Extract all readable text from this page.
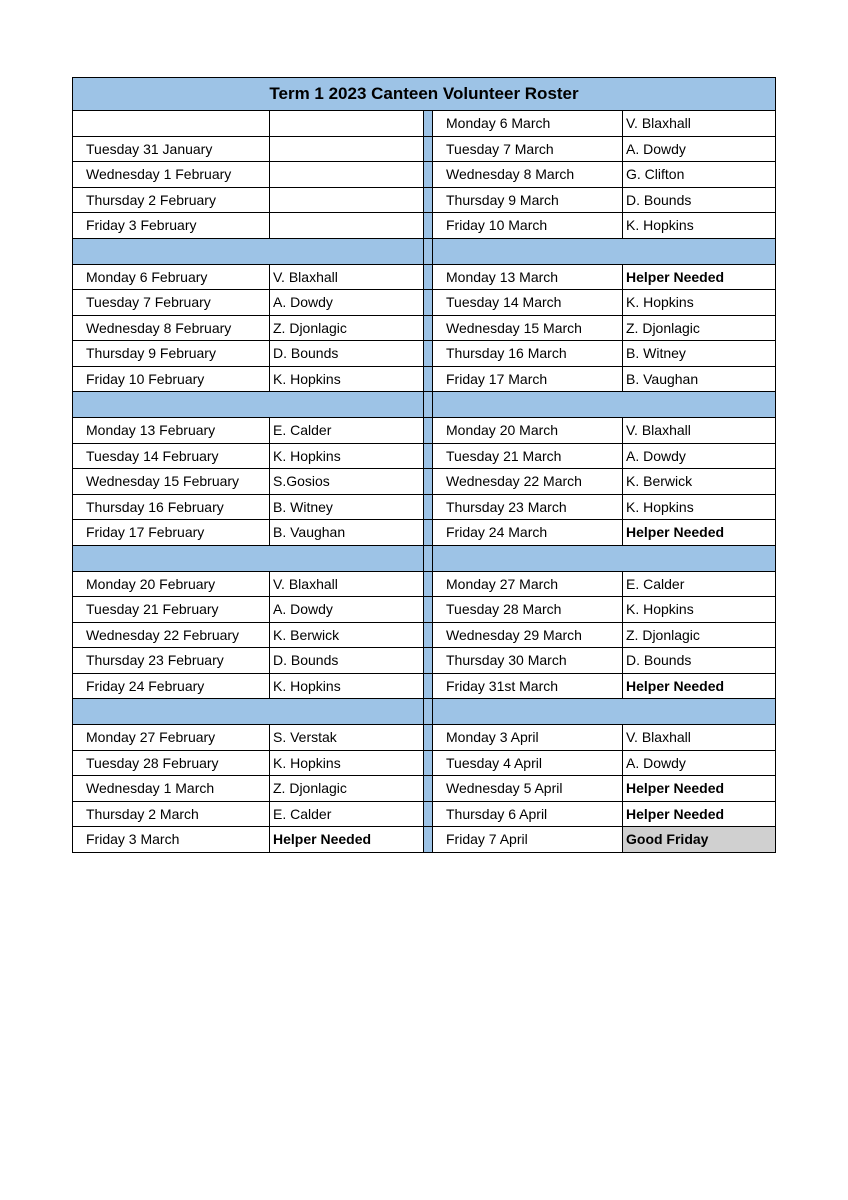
Term 1 2023 Canteen Volunteer Roster				
			Monday 6 March	V. Blaxhall
Tuesday 31 January			Tuesday 7 March	A. Dowdy
Wednesday 1 February			Wednesday 8 March	G. Clifton
Thursday 2 February			Thursday 9 March	D. Bounds
Friday 3 February			Friday 10 March	K. Hopkins

Monday 6 February	V. Blaxhall		Monday 13 March	Helper Needed
Tuesday 7 February	A. Dowdy		Tuesday 14 March	K. Hopkins
Wednesday 8 February	Z. Djonlagic		Wednesday 15 March	Z. Djonlagic
Thursday 9 February	D. Bounds		Thursday 16 March	B. Witney
Friday 10 February	K. Hopkins		Friday 17 March	B. Vaughan

Monday 13 February	E. Calder		Monday 20 March	V. Blaxhall
Tuesday 14 February	K. Hopkins		Tuesday 21 March	A. Dowdy
Wednesday 15 February	S.Gosios		Wednesday 22 March	K. Berwick
Thursday 16 February	B. Witney		Thursday 23 March	K. Hopkins
Friday 17 February	B. Vaughan		Friday 24 March	Helper Needed

Monday 20 February	V. Blaxhall		Monday 27 March	E. Calder
Tuesday 21 February	A. Dowdy		Tuesday 28 March	K. Hopkins
Wednesday 22 February	K. Berwick		Wednesday 29 March	Z. Djonlagic
Thursday 23 February	D. Bounds		Thursday 30 March	D. Bounds
Friday 24 February	K. Hopkins		Friday 31st March	Helper Needed

Monday 27 February	S. Verstak		Monday 3 April	V. Blaxhall
Tuesday 28 February	K. Hopkins		Tuesday 4 April	A. Dowdy
Wednesday 1 March	Z. Djonlagic		Wednesday 5 April	Helper Needed
Thursday 2 March	E. Calder		Thursday 6 April	Helper Needed
Friday 3 March	Helper Needed		Friday 7 April	Good Friday
